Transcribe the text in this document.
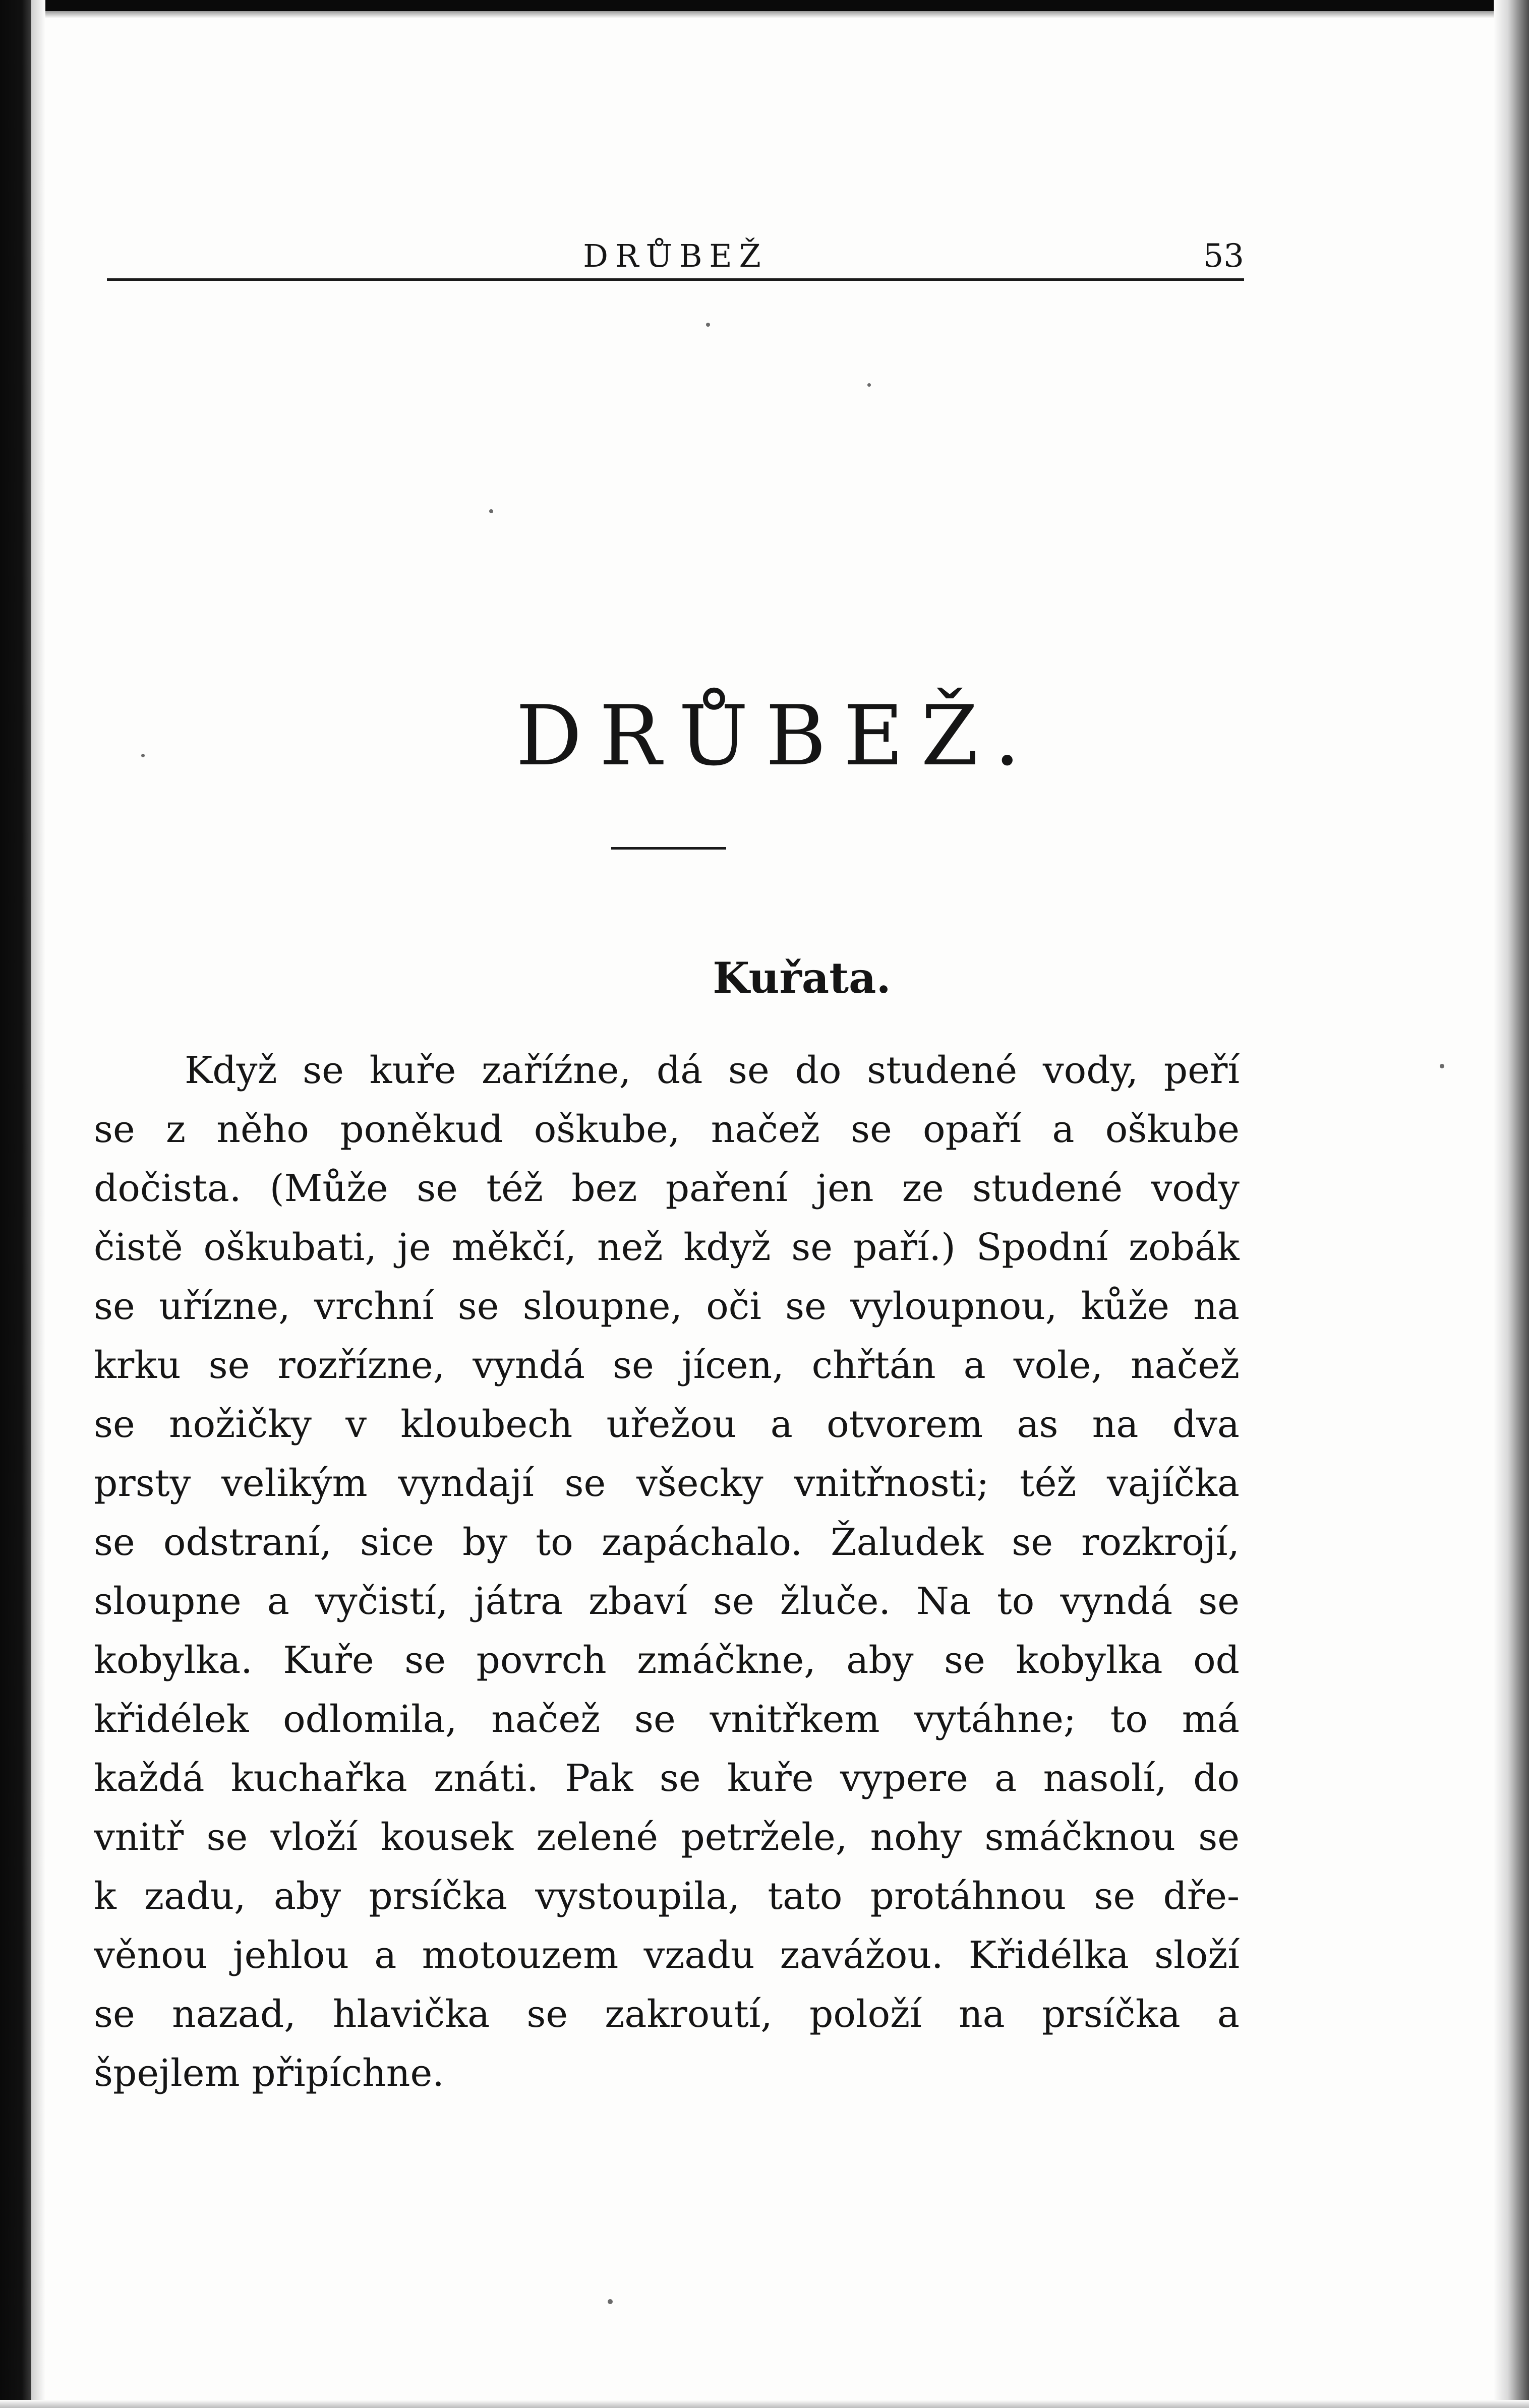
DRŮBEŽ	53
DRŮBEŽ.
Kuřata.
Když se kuře zaříźne, dá se do studené vody, peří
se z něho poněkud oškube, načež se opaří a oškube
dočista. (Může se též bez paření jen ze studené vody
čistě oškubati, je měkčí, než když se paří.) Spodní zobák
se uřízne, vrchní se sloupne, oči se vyloupnou, kůže na
krku se rozřízne, vyndá se jícen, chřtán a vole, načež
se nožičky v kloubech uřežou a otvorem as na dva
prsty velikým vyndají se všecky vnitřnosti; též vajíčka
se odstraní, sice by to zapáchalo. Žaludek se rozkrojí,
sloupne a vyčistí, játra zbaví se žluče. Na to vyndá se
kobylka. Kuře se povrch zmáčkne, aby se kobylka od
křidélek odlomila, načež se vnitřkem vytáhne; to má
každá kuchařka znáti. Pak se kuře vypere a nasolí, do
vnitř se vloží kousek zelené petržele, nohy smáčknou se
k zadu, aby prsíčka vystoupila, tato protáhnou se dře-
věnou jehlou a motouzem vzadu zavážou. Křidélka složí
se nazad, hlavička se zakroutí, položí na prsíčka a
špejlem připíchne.
